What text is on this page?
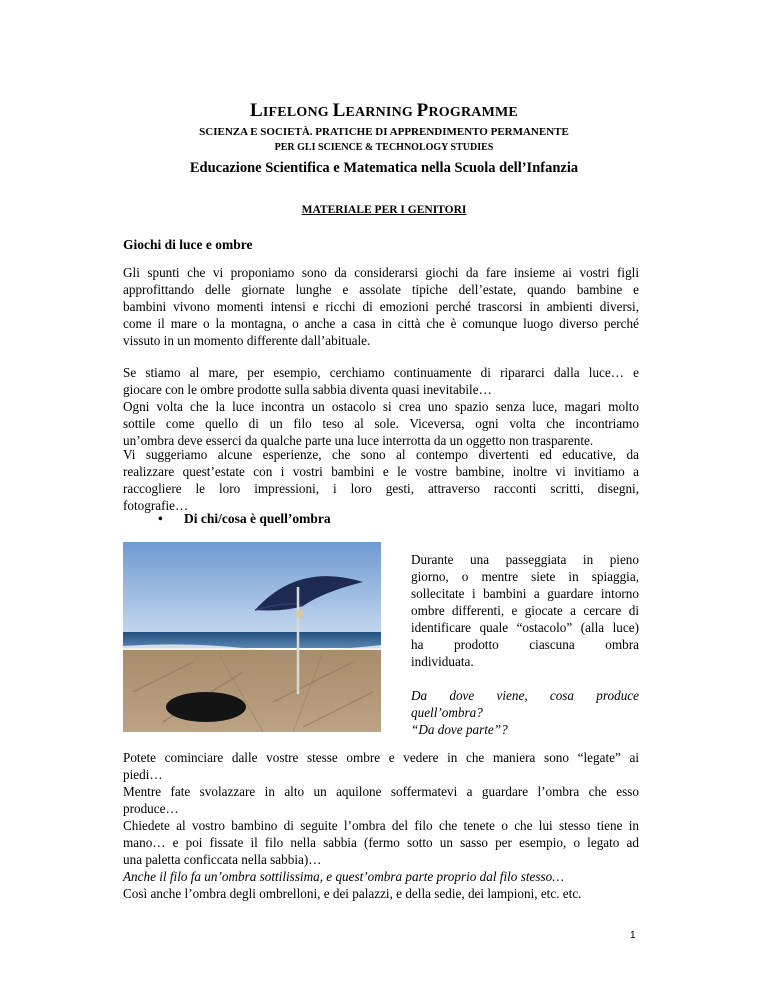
LIFELONG LEARNING PROGRAMME
SCIENZA E SOCIETÀ. PRATICHE DI APPRENDIMENTO PERMANENTE
PER GLI SCIENCE & TECHNOLOGY STUDIES
Educazione Scientifica e Matematica nella Scuola dell’Infanzia
MATERIALE PER I GENITORI
Giochi di luce e ombre

Gli spunti che vi proponiamo sono da considerarsi giochi da fare insieme ai vostri figli
approfittando delle giornate lunghe e assolate tipiche dell’estate, quando bambine e
bambini vivono momenti intensi e ricchi di emozioni perché trascorsi in ambienti diversi,
come il mare o la montagna, o anche a casa in città che è comunque luogo diverso perché
vissuto in un momento differente dall’abituale.

Se stiamo al mare, per esempio, cerchiamo continuamente di ripararci dalla luce… e
giocare con le ombre prodotte sulla sabbia diventa quasi inevitabile…
Ogni volta che la luce incontra un ostacolo si crea uno spazio senza luce, magari molto
sottile come quello di un filo teso al sole. Viceversa, ogni volta che incontriamo
un’ombra deve esserci da qualche parte una luce interrotta da un oggetto non trasparente.

Vi suggeriamo alcune esperienze, che sono al contempo divertenti ed educative, da
realizzare quest’estate con i vostri bambini e le vostre bambine, inoltre vi invitiamo a
raccogliere le loro impressioni, i loro gesti, attraverso racconti scritti, disegni,
fotografie…

• Di chi/cosa è quell’ombra
Durante una passeggiata in pieno
giorno, o mentre siete in spiaggia,
sollecitate i bambini a guardare intorno
ombre differenti, e giocate a cercare di
identificare quale “ostacolo” (alla luce)
ha prodotto ciascuna ombra
individuata.
Da dove viene, cosa produce
quell’ombra?
“Da dove parte”?

Potete cominciare dalle vostre stesse ombre e vedere in che maniera sono “legate” ai
piedi…
Mentre fate svolazzare in alto un aquilone soffermatevi a guardare l’ombra che esso
produce…
Chiedete al vostro bambino di seguite l’ombra del filo che tenete o che lui stesso tiene in
mano… e poi fissate il filo nella sabbia (fermo sotto un sasso per esempio, o legato ad
una paletta conficcata nella sabbia)…
Anche il filo fa un’ombra sottilissima, e quest’ombra parte proprio dal filo stesso…
Così anche l’ombra degli ombrelloni, e dei palazzi, e della sedie, dei lampioni, etc. etc.

1
